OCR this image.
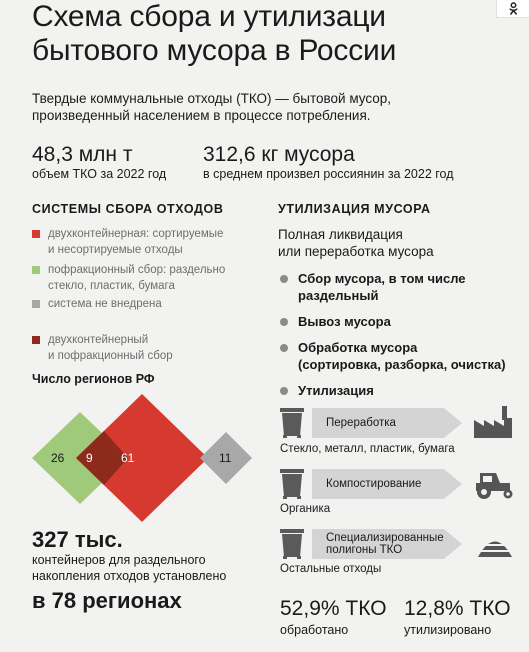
Схема сбора и утилизаци
бытового мусора в России
Твердые коммунальные отходы (ТКО) — бытовой мусор,
произведенный населением в процессе потребления.
48,3 млн т
объем ТКО за 2022 год
312,6 кг мусора
в среднем произвел россиянин за 2022 год
СИСТЕМЫ СБОРА ОТХОДОВ
двухконтейнерная: сортируемые
и несортируемые отходы
пофракционный сбор: раздельно
стекло, пластик, бумага
система не внедрена
двухконтейнерный
и пофракционный сбор
Число регионов РФ
26 9 61	11
327 тыс.
контейнеров для раздельного
накопления отходов установлено
в 78 регионах
УТИЛИЗАЦИЯ МУСОРА
Полная ликвидация
или переработка мусора
Сбор мусора, в том числе
раздельный
Вывоз мусора
Обработка мусора
(сортировка, разборка, очистка)
Утилизация
Переработка
Стекло, металл, пластик, бумага
Компостирование
Органика
Специализированные
полигоны ТКО
Остальные отходы
52,9% ТКО
обработано
12,8% ТКО
утилизировано
